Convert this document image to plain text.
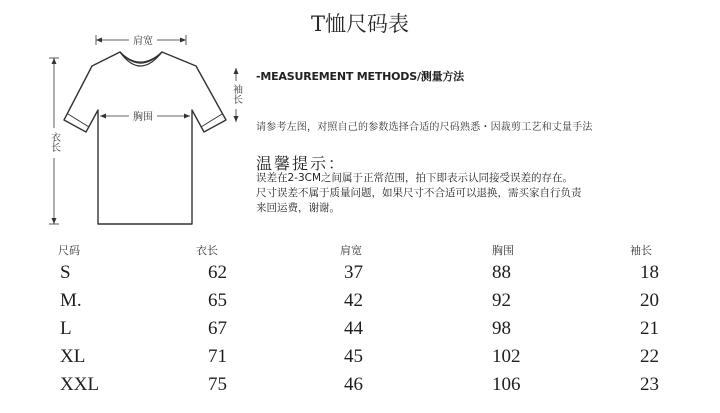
T恤尺码表
肩宽
衣长
胸围
袖长
-MEASUREMENT METHODS/测量方法
请参考左图，对照自己的参数选择合适的尺码熟悉・因裁剪工艺和丈量手法
温馨提示：
误差在2-3CM之间属于正常范围，拍下即表示认同接受误差的存在。
尺寸误差不属于质量问题，如果尺寸不合适可以退换，需买家自行负责
来回运费，谢谢。
尺码	衣长	肩宽	胸围	袖长
S	62	37	88	18
M.	65	42	92	20
L	67	44	98	21
XL	71	45	102	22
XXL	75	46	106	23
